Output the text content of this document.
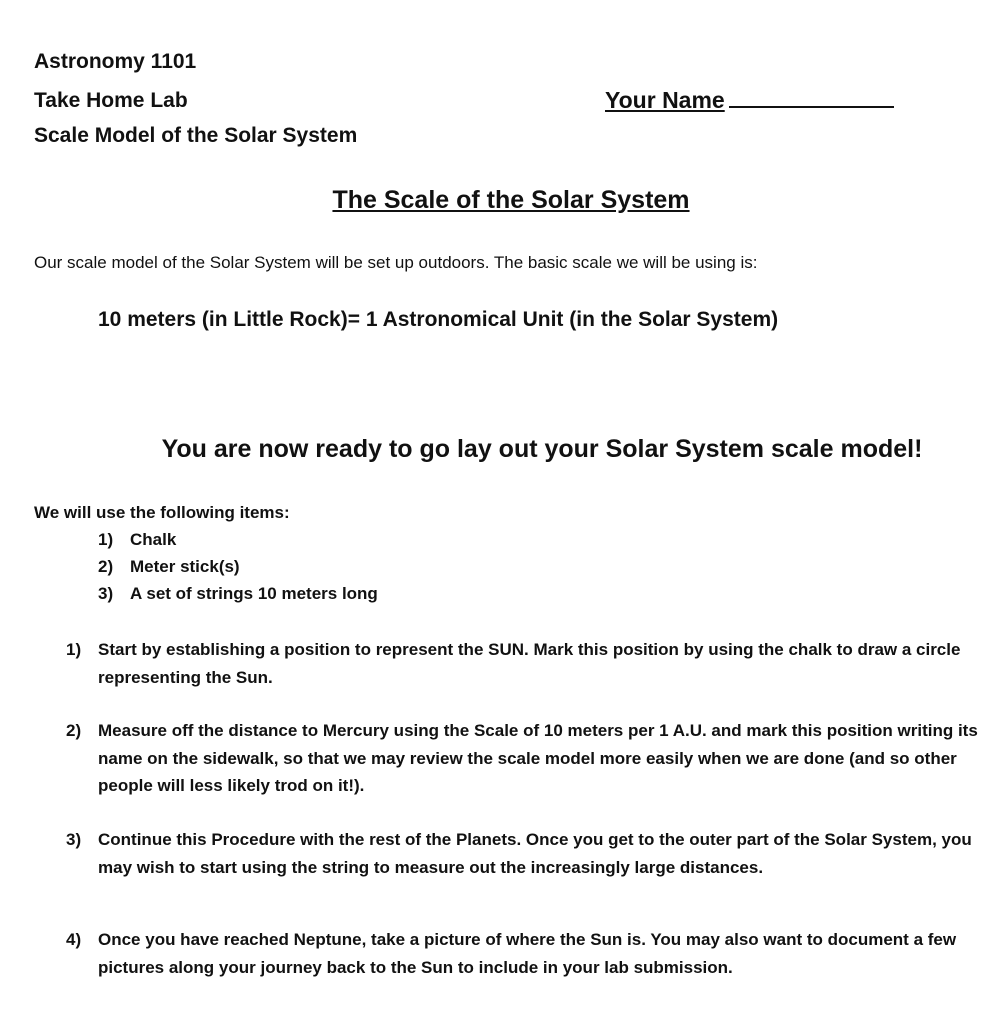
Astronomy 1101

Take Home Lab

Scale Model of the Solar System

Your Name

The Scale of the Solar System

Our scale model of the Solar System will be set up outdoors. The basic scale we will be using is:

10 meters (in Little Rock)= 1 Astronomical Unit (in the Solar System)

You are now ready to go lay out your Solar System scale model!

We will use the following items:

1) Chalk
2) Meter stick(s)
3) A set of strings 10 meters long
1) Start by establishing a position to represent the SUN. Mark this position by using the chalk to draw a circle representing the Sun.
2) Measure off the distance to Mercury using the Scale of 10 meters per 1 A.U. and mark this position writing its name on the sidewalk, so that we may review the scale model more easily when we are done (and so other people will less likely trod on it!).
3) Continue this Procedure with the rest of the Planets. Once you get to the outer part of the Solar System, you may wish to start using the string to measure out the increasingly large distances.
4) Once you have reached Neptune, take a picture of where the Sun is. You may also want to document a few pictures along your journey back to the Sun to include in your lab submission.
